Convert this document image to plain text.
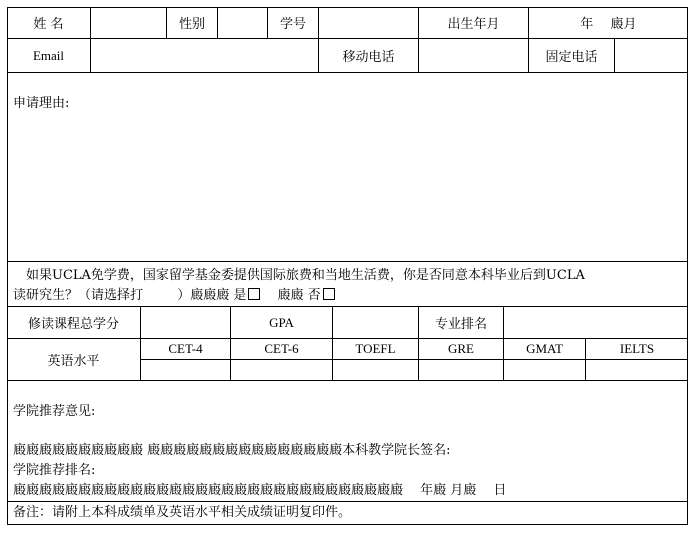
姓 名	性别	学号	出生年月	年 　廄月
Email	移动电话	固定电话
申请理由:
　如果UCLA免学费，国家留学基金委提供国际旅费和当地生活费，你是否同意本科毕业后到UCLA
读研究生？（请选择打 　　 ）廄廄廄 是　 廄廄 否
修读课程总学分	GPA	专业排名
英语水平
CET-4	CET-6	TOEFL	GRE	GMAT	IELTS
学院推荐意见:
廄廄廄廄廄廄廄廄廄廄 廄廄廄廄廄廄廄廄廄廄廄廄廄廄廄本科教学院长签名:
学院推荐排名:
廄廄廄廄廄廄廄廄廄廄廄廄廄廄廄廄廄廄廄廄廄廄廄廄廄廄廄廄廄廄 　年廄 月廄 　日
备注：请附上本科成绩单及英语水平相关成绩证明复印件。
